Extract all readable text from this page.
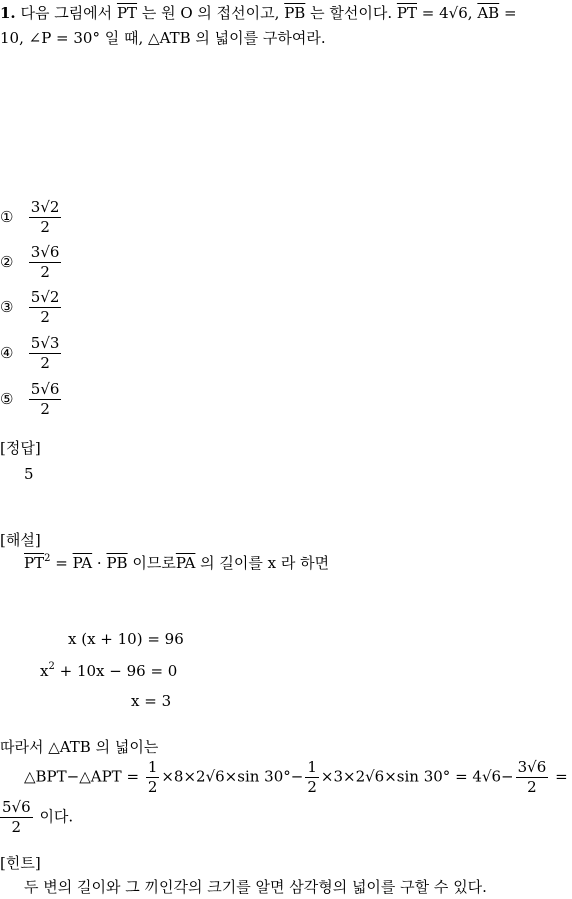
1. 다음 그림에서 $\overline{PT}$ 는 원 O 의 접선이고, $\overline{PB}$ 는 할선이다. $\overline{PT} = 4√6$, $\overline{AB}$ =
10, ∠P = 30° 일 때, △ATB 의 넓이를 구하여라.
① $\frac{3√2}{2}$
② $\frac{3√6}{2}$
③ $\frac{5√2}{2}$
④ $\frac{5√3}{2}$
⑤ $\frac{5√6}{2}$
[정답]
5
[해설]
$\overline{PT}^2 = \overline{PA} \cdot \overline{PB}$ 이므로$\overline{PA}$ 의 길이를 x 라 하면
x (x + 10) = 96
$x^2 + 10x - 96 = 0$
x = 3
따라서 △ATB 의 넓이는
△BPT−△APT = $\frac{1}{2} \times 8\times 2√6\times\sin$ $30^\circ- \frac{1}{2} \times 3\times 2√6\times\sin$ $30^\circ = 4√6- \frac{3√6}{2}$ =
$\frac{5√6}{2}$ 이다.
[힌트]
두 변의 길이와 그 끼인각의 크기를 알면 삼각형의 넓이를 구할 수 있다.
